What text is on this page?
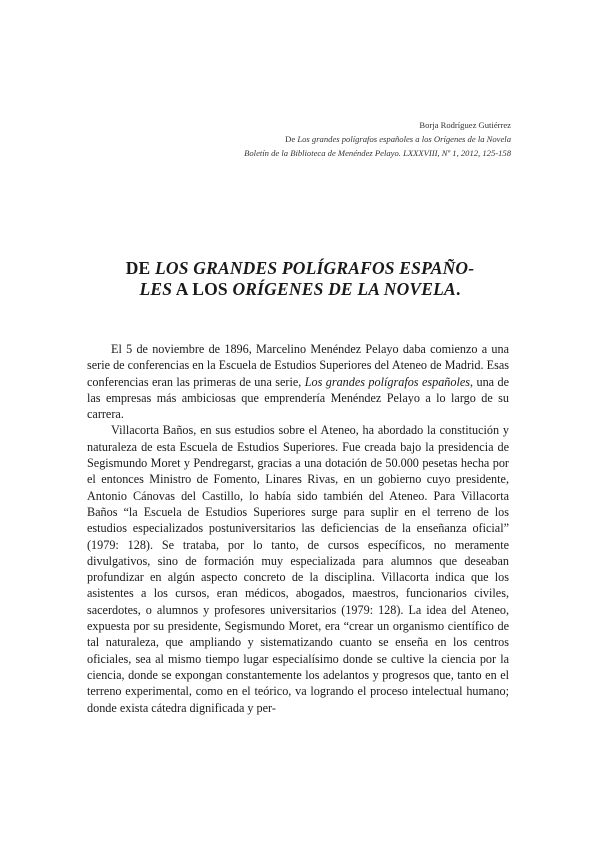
Borja Rodríguez Gutiérrez
De Los grandes polígrafos españoles a los Orígenes de la Novela
Boletín de la Biblioteca de Menéndez Pelayo. LXXXVIII, Nº 1, 2012, 125-158
DE LOS GRANDES POLÍGRAFOS ESPAÑO-
LES A LOS ORÍGENES DE LA NOVELA.

El 5 de noviembre de 1896, Marcelino Menéndez Pelayo daba comienzo a una serie de conferencias en la Escuela de Estudios Superiores del Ateneo de Madrid. Esas conferencias eran las primeras de una serie, Los grandes polígrafos españoles, una de las empresas más ambiciosas que emprendería Menéndez Pelayo a lo largo de su carrera.

Villacorta Baños, en sus estudios sobre el Ateneo, ha abordado la constitución y naturaleza de esta Escuela de Estudios Superiores. Fue creada bajo la presidencia de Segismundo Moret y Pendregarst, gracias a una dotación de 50.000 pesetas hecha por el entonces Ministro de Fomento, Linares Rivas, en un gobierno cuyo presidente, Antonio Cánovas del Castillo, lo había sido también del Ateneo. Para Villacorta Baños “la Escuela de Estudios Superiores surge para suplir en el terreno de los estudios especializados postuniversitarios las deficiencias de la enseñanza oficial” (1979: 128). Se trataba, por lo tanto, de cursos específicos, no meramente divulgativos, sino de formación muy especializada para alumnos que deseaban profundizar en algún aspecto concreto de la disciplina. Villacorta indica que los asistentes a los cursos, eran médicos, abogados, maestros, funcionarios civiles, sacerdotes, o alumnos y profesores universitarios (1979: 128). La idea del Ateneo, expuesta por su presidente, Segismundo Moret, era “crear un organismo científico de tal naturaleza, que ampliando y sistematizando cuanto se enseña en los centros oficiales, sea al mismo tiempo lugar especialísimo donde se cultive la ciencia por la ciencia, donde se expongan constantemente los adelantos y progresos que, tanto en el terreno experimental, como en el teórico, va logrando el proceso intelectual humano; donde exista cátedra dignificada y per-
